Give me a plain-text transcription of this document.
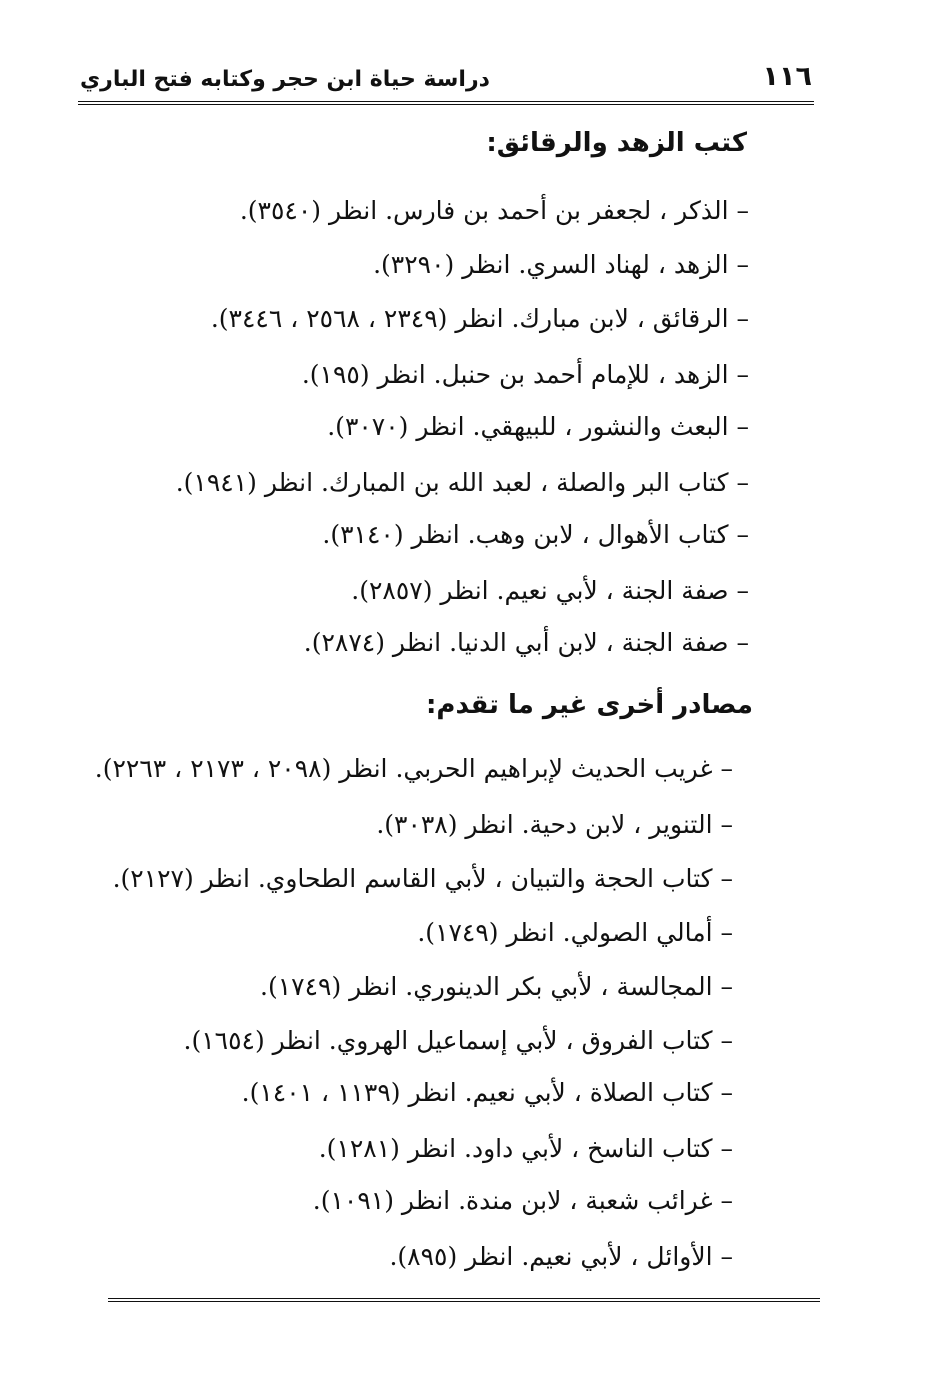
١١٦
دراسة حياة ابن حجر وكتابه فتح الباري
كتب الزهد والرقائق:
– الذكر ، لجعفر بن أحمد بن فارس. انظر (٣٥٤٠).
– الزهد ، لهناد السري. انظر (٣٢٩٠).
– الرقائق ، لابن مبارك. انظر (٢٣٤٩ ، ٢٥٦٨ ، ٣٤٤٦).
– الزهد ، للإمام أحمد بن حنبل. انظر (١٩٥).
– البعث والنشور ، للبيهقي. انظر (٣٠٧٠).
– كتاب البر والصلة ، لعبد الله بن المبارك. انظر (١٩٤١).
– كتاب الأهوال ، لابن وهب. انظر (٣١٤٠).
– صفة الجنة ، لأبي نعيم. انظر (٢٨٥٧).
– صفة الجنة ، لابن أبي الدنيا. انظر (٢٨٧٤).
مصادر أخرى غير ما تقدم:
– غريب الحديث لإبراهيم الحربي. انظر (٢٠٩٨ ، ٢١٧٣ ، ٢٢٦٣).
– التنوير ، لابن دحية. انظر (٣٠٣٨).
– كتاب الحجة والتبيان ، لأبي القاسم الطحاوي. انظر (٢١٢٧).
– أمالي الصولي. انظر (١٧٤٩).
– المجالسة ، لأبي بكر الدينوري. انظر (١٧٤٩).
– كتاب الفروق ، لأبي إسماعيل الهروي. انظر (١٦٥٤).
– كتاب الصلاة ، لأبي نعيم. انظر (١١٣٩ ، ١٤٠١).
– كتاب الناسخ ، لأبي داود. انظر (١٢٨١).
– غرائب شعبة ، لابن مندة. انظر (١٠٩١).
– الأوائل ، لأبي نعيم. انظر (٨٩٥).
